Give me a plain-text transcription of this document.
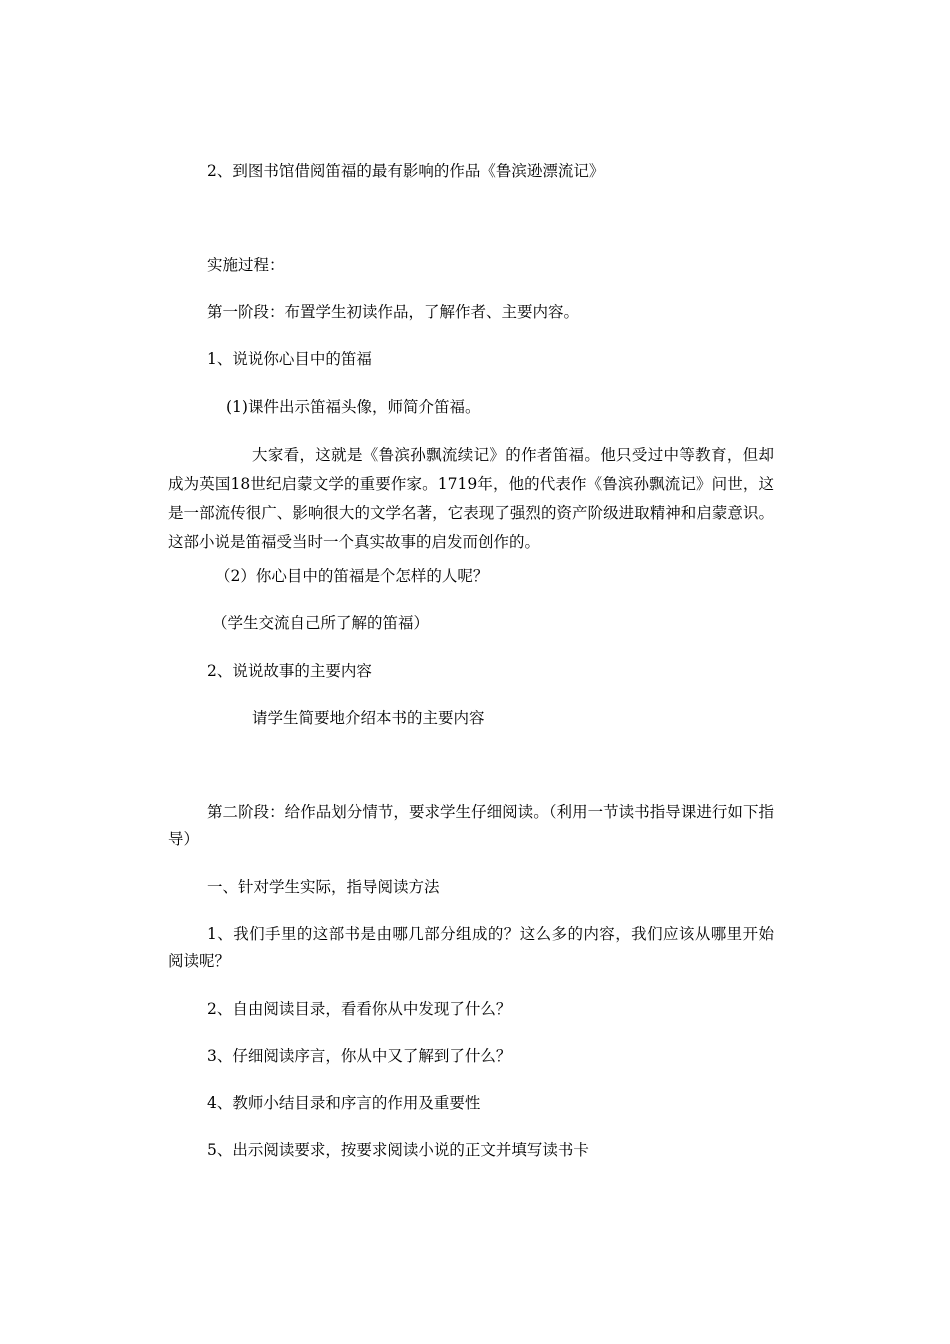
2、到图书馆借阅笛福的最有影响的作品《鲁滨逊漂流记》
实施过程：
第一阶段：布置学生初读作品，了解作者、主要内容。
1、说说你心目中的笛福
(1)课件出示笛福头像，师简介笛福。
大家看，这就是《鲁滨孙飘流续记》的作者笛福。他只受过中等教育，但却成为英国18世纪启蒙文学的重要作家。1719年，他的代表作《鲁滨孙飘流记》问世，这是一部流传很广、影响很大的文学名著，它表现了强烈的资产阶级进取精神和启蒙意识。这部小说是笛福受当时一个真实故事的启发而创作的。
（2）你心目中的笛福是个怎样的人呢？
（学生交流自己所了解的笛福）
2、说说故事的主要内容
请学生简要地介绍本书的主要内容
第二阶段：给作品划分情节，要求学生仔细阅读。（利用一节读书指导课进行如下指导）
一、针对学生实际，指导阅读方法
1、我们手里的这部书是由哪几部分组成的？这么多的内容，我们应该从哪里开始阅读呢？
2、自由阅读目录，看看你从中发现了什么？
3、仔细阅读序言，你从中又了解到了什么？
4、教师小结目录和序言的作用及重要性
5、出示阅读要求，按要求阅读小说的正文并填写读书卡
